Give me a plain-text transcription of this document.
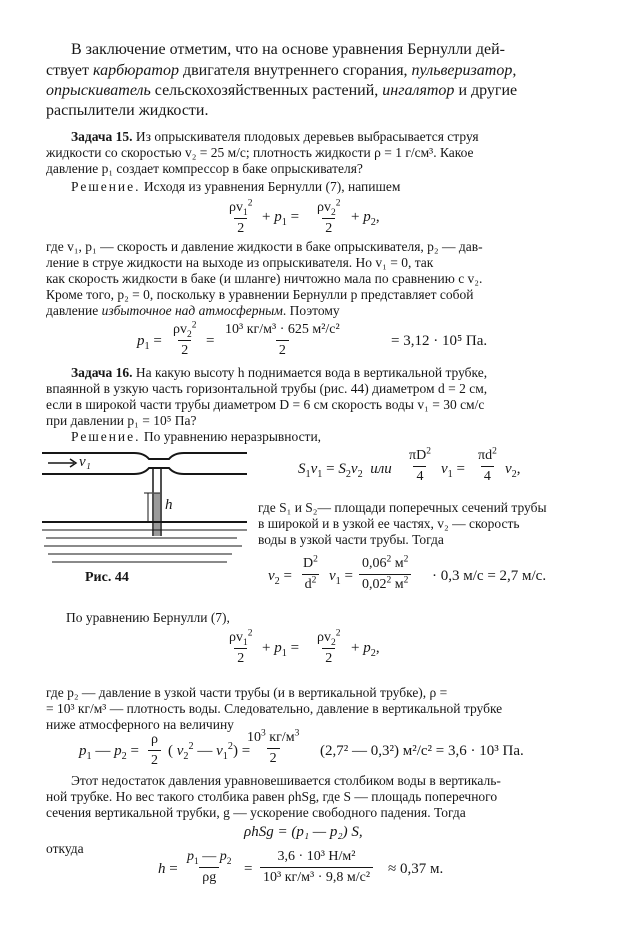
В заключение отметим, что на основе уравнения Бернулли дей-
ствует карбюратор двигателя внутреннего сгорания, пульверизатор,
опрыскиватель сельскохозяйственных растений, ингалятор и другие
распылители жидкости.
Задача 15. Из опрыскивателя плодовых деревьев выбрасывается струя
жидкости со скоростью v₂ = 25 м/с; плотность жидкости ρ = 1 г/см³. Какое
давление p₁ создает компрессор в баке опрыскивателя?
Решение. Исходя из уравнения Бернулли (7), напишем
$\frac{\rho v_1^2}{2} + p_1 = \frac{\rho v_2^2}{2} + p_2$,
где v₁, p₁ — скорость и давление жидкости в баке опрыскивателя, p₂ — дав-
ление в струе жидкости на выходе из опрыскивателя. Но v₁ = 0, так
как скорость жидкости в баке (и шланге) ничтожно мала по сравнению с v₂.
Кроме того, p₂ = 0, поскольку в уравнении Бернулли p представляет собой
давление избыточное над атмосферным. Поэтому
$p_1 = \frac{\rho v_2^2}{2}$ =
10³ кг/м³ · 625 м²/с²
2
= 3,12 · 10⁵ Па.
Задача 16. На какую высоту h поднимается вода в вертикальной трубке,
впаянной в узкую часть горизонтальной трубы (рис. 44) диаметром d = 2 см,
если в широкой части трубы диаметром D = 6 см скорость воды v₁ = 30 см/с
при давлении p₁ = 10⁵ Па?
Решение. По уравнению неразрывности,
v₁
h
Рис. 44
$S_1v_1 = S_2v_2$ или $\frac{\pi D^2}{4} v_1 = \frac{\pi d^2}{4} v_2$,
где S₁ и S₂— площади поперечных сечений трубы
в широкой и в узкой ее частях, v₂ — скорость
воды в узкой части трубы. Тогда
$v_2 = \frac{D^2}{d^2} v_1$ =
$0,06^2$ $м^2$
0,02$^2$ $м^2 \cdot 0,3$ м/с = 2,7 м/с.
По уравнению Бернулли (7),
$\frac{\rho v_1^2}{2} + p_1 = \frac{\rho v_2^2}{2} + p_2$,
где p₂ — давление в узкой части трубы (и в вертикальной трубке), ρ =
= 10³ кг/м³ — плотность воды. Следовательно, давление в вертикальной трубке
ниже атмосферного на величину
$p_1$ — $p_2 = \frac{\rho}{2}$ ( $v_2^2$ — $v_1^2$) =
$10^3$ $кг/м^3$
2	(2,7² — 0,3²) м²/с² = 3,6 · 10³ Па.
Этот недостаток давления уравновешивается столбиком воды в вертикаль-
ной трубке. Но вес такого столбика равен ρhSg, где S — площадь поперечного
сечения вертикальной трубки, g — ускорение свободного падения. Тогда
ρhSg = (p₁ — p₂) S,
откуда
$h = \frac{p_1 — p_2}{\rho g}$ =
3,6 · 10³ Н/м²
10³ кг/м³ · 9,8 м/с²
≈ 0,37 м.
